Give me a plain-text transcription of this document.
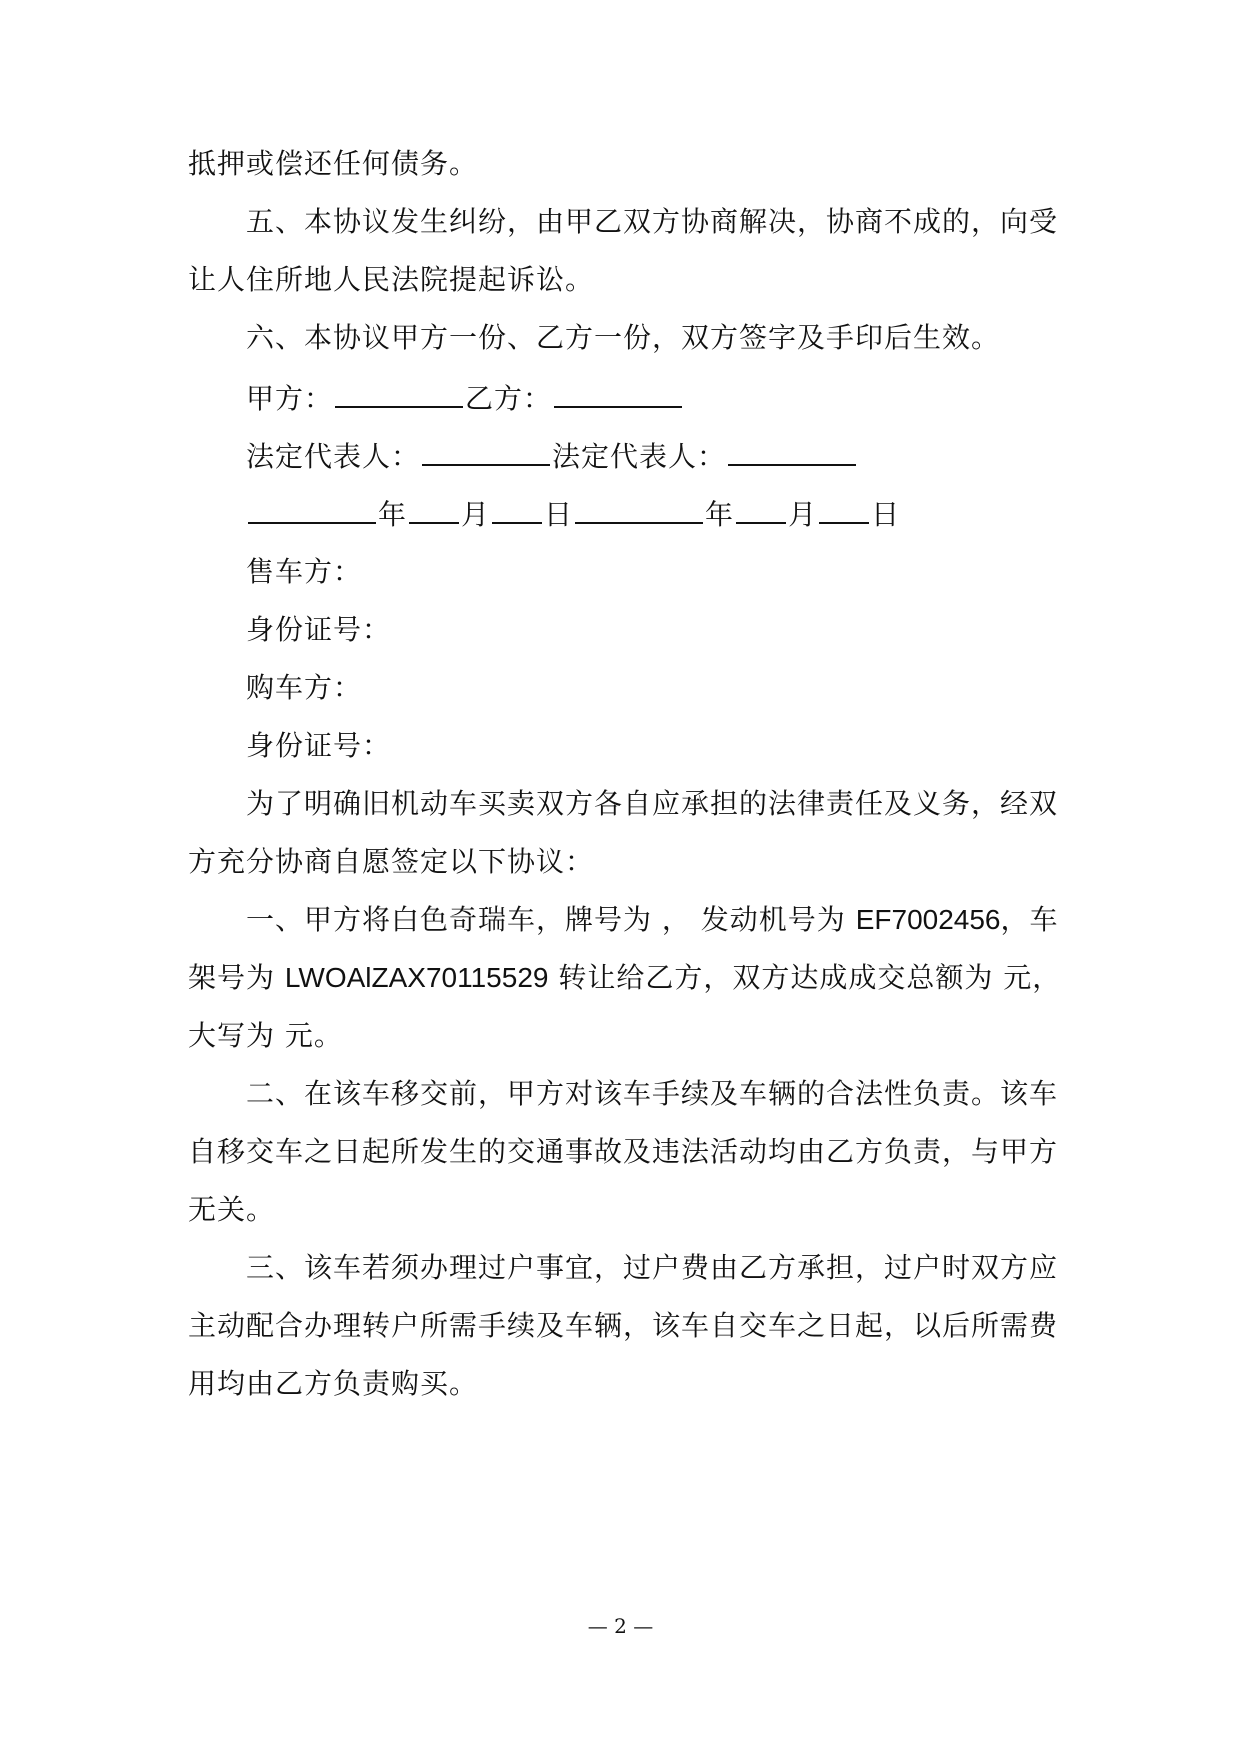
抵押或偿还任何债务。
五、本协议发生纠纷，由甲乙双方协商解决，协商不成的，向受
让人住所地人民法院提起诉讼。
六、本协议甲方一份、乙方一份，双方签字及手印后生效。
甲方：	乙方：
法定代表人：	法定代表人：
年 月 日	年 月 日
售车方：
身份证号：
购车方：
身份证号：
为了明确旧机动车买卖双方各自应承担的法律责任及义务，经双
方充分协商自愿签定以下协议：
一、甲方将白色奇瑞车，牌号为 ， 发动机号为 EF7002456，车
架号为 LWOAlZAX70115529 转让给乙方，双方达成成交总额为 元，
大写为 元。
二、在该车移交前，甲方对该车手续及车辆的合法性负责。该车
自移交车之日起所发生的交通事故及违法活动均由乙方负责，与甲方
无关。
三、该车若须办理过户事宜，过户费由乙方承担，过户时双方应
主动配合办理转户所需手续及车辆，该车自交车之日起，以后所需费
用均由乙方负责购买。
— 2 —
